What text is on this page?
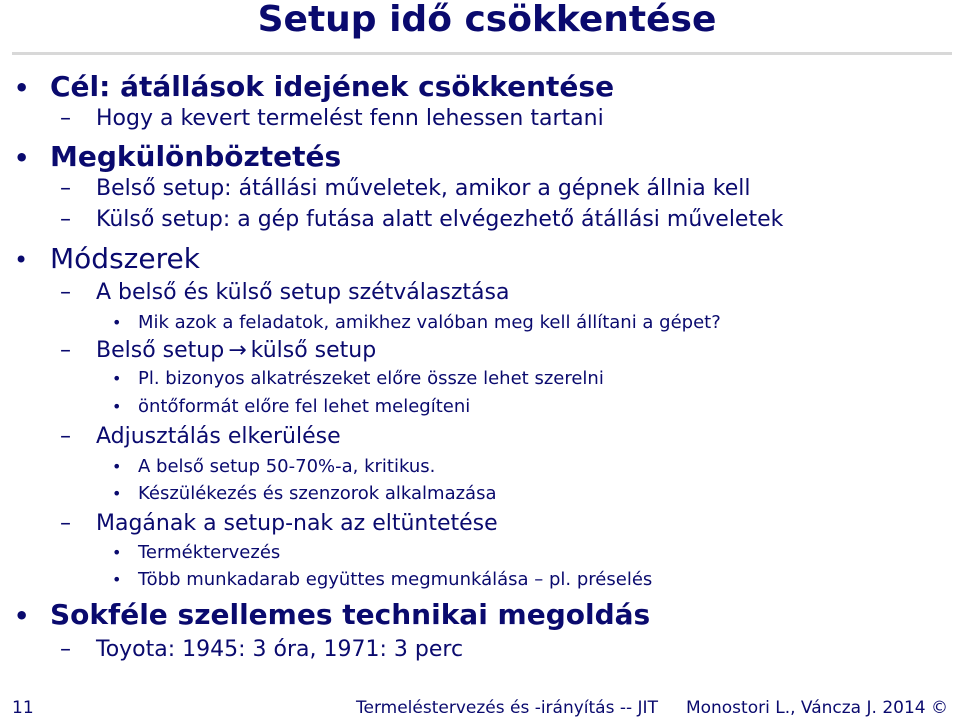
Setup idő csökkentése
• Cél: átállások idejének csökkentése
– Hogy a kevert termelést fenn lehessen tartani
• Megkülönböztetés
– Belső setup: átállási műveletek, amikor a gépnek állnia kell
– Külső setup: a gép futása alatt elvégezhető átállási műveletek
• Módszerek
– A belső és külső setup szétválasztása
• Mik azok a feladatok, amikhez valóban meg kell állítani a gépet?
– Belső setup → külső setup
• Pl. bizonyos alkatrészeket előre össze lehet szerelni
• öntőformát előre fel lehet melegíteni
– Adjusztálás elkerülése
• A belső setup 50-70%-a, kritikus.
• Készülékezés és szenzorok alkalmazása
– Magának a setup-nak az eltüntetése
• Terméktervezés
• Több munkadarab együttes megmunkálása – pl. préselés
• Sokféle szellemes technikai megoldás
– Toyota: 1945: 3 óra, 1971: 3 perc
11	Termeléstervezés és -irányítás -- JIT Monostori L., Váncza J. 2014 ©
